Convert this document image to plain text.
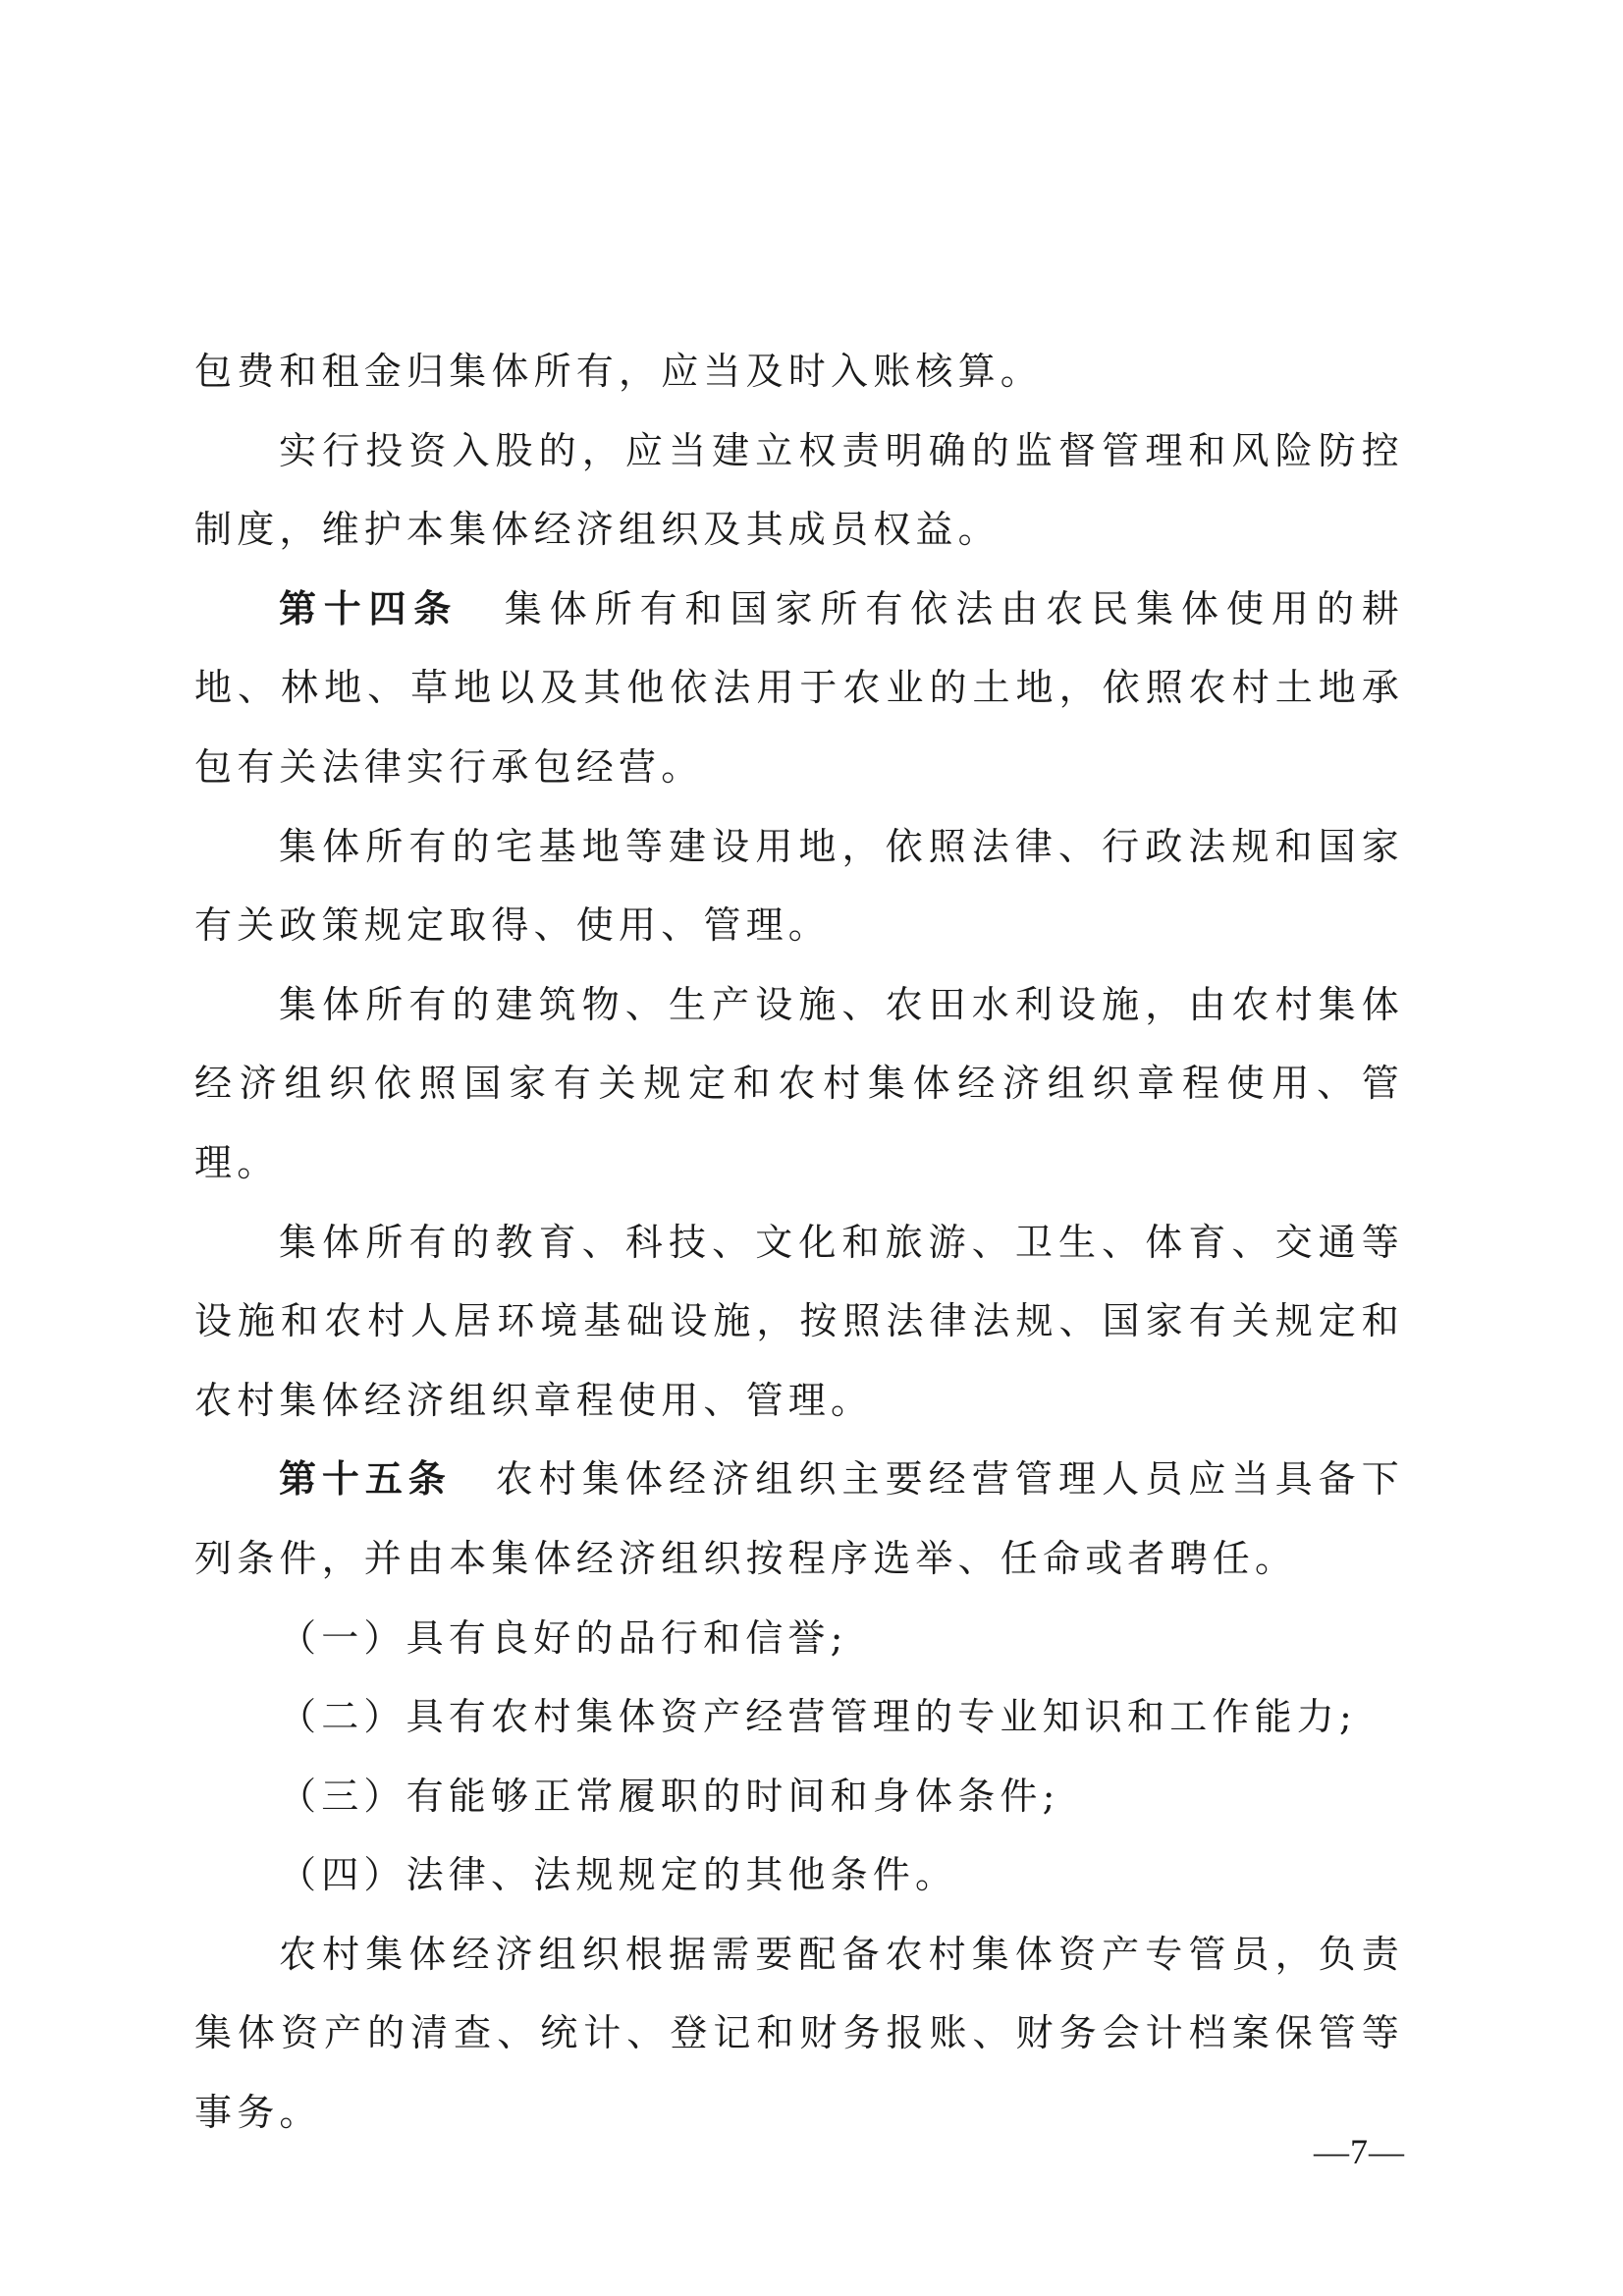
包费和租金归集体所有，应当及时入账核算。

实行投资入股的，应当建立权责明确的监督管理和风险防控制度，维护本集体经济组织及其成员权益。

第十四条 集体所有和国家所有依法由农民集体使用的耕地、林地、草地以及其他依法用于农业的土地，依照农村土地承包有关法律实行承包经营。

集体所有的宅基地等建设用地，依照法律、行政法规和国家有关政策规定取得、使用、管理。

集体所有的建筑物、生产设施、农田水利设施，由农村集体经济组织依照国家有关规定和农村集体经济组织章程使用、管理。

集体所有的教育、科技、文化和旅游、卫生、体育、交通等设施和农村人居环境基础设施，按照法律法规、国家有关规定和农村集体经济组织章程使用、管理。

第十五条 农村集体经济组织主要经营管理人员应当具备下列条件，并由本集体经济组织按程序选举、任命或者聘任。

（一）具有良好的品行和信誉;

（二）具有农村集体资产经营管理的专业知识和工作能力;

（三）有能够正常履职的时间和身体条件;

（四）法律、法规规定的其他条件。

农村集体经济组织根据需要配备农村集体资产专管员，负责集体资产的清查、统计、登记和财务报账、财务会计档案保管等事务。

—7—
